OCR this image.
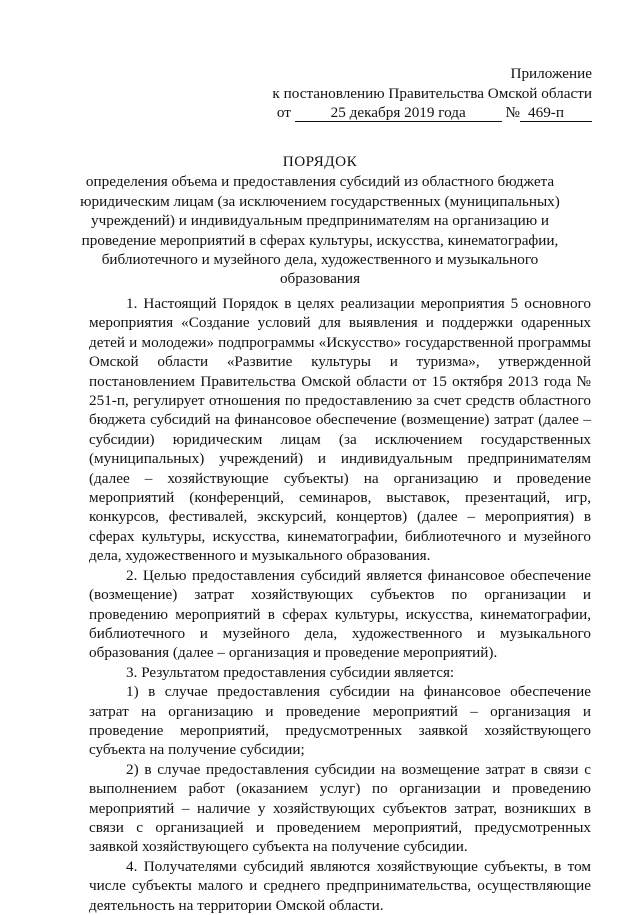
Приложение
к постановлению Правительства Омской области
от	25 декабря 2019 года	№ 469-п
ПОРЯДОК
определения объема и предоставления субсидий из областного бюджета юридическим лицам (за исключением государственных (муниципальных) учреждений) и индивидуальным предпринимателям на организацию и проведение мероприятий в сферах культуры, искусства, кинематографии, библиотечного и музейного дела, художественного и музыкального образования

1. Настоящий Порядок в целях реализации мероприятия 5 основного мероприятия «Создание условий для выявления и поддержки одаренных детей и молодежи» подпрограммы «Искусство» государственной программы Омской области «Развитие культуры и туризма», утвержденной постановлением Правительства Омской области от 15 октября 2013 года № 251-п, регулирует отношения по предоставлению за счет средств областного бюджета субсидий на финансовое обеспечение (возмещение) затрат (далее – субсидии) юридическим лицам (за исключением государственных (муниципальных) учреждений) и индивидуальным предпринимателям (далее – хозяйствующие субъекты) на организацию и проведение мероприятий (конференций, семинаров, выставок, презентаций, игр, конкурсов, фестивалей, экскурсий, концертов) (далее – мероприятия) в сферах культуры, искусства, кинематографии, библиотечного и музейного дела, художественного и музыкального образования.

2. Целью предоставления субсидий является финансовое обеспечение (возмещение) затрат хозяйствующих субъектов по организации и проведению мероприятий в сферах культуры, искусства, кинематографии, библиотечного и музейного дела, художественного и музыкального образования (далее – организация и проведение мероприятий).

3. Результатом предоставления субсидии является:

1) в случае предоставления субсидии на финансовое обеспечение затрат на организацию и проведение мероприятий – организация и проведение мероприятий, предусмотренных заявкой хозяйствующего субъекта на получение субсидии;

2) в случае предоставления субсидии на возмещение затрат в связи с выполнением работ (оказанием услуг) по организации и проведению мероприятий – наличие у хозяйствующих субъектов затрат, возникших в связи с организацией и проведением мероприятий, предусмотренных заявкой хозяйствующего субъекта на получение субсидии.

4. Получателями субсидий являются хозяйствующие субъекты, в том числе субъекты малого и среднего предпринимательства, осуществляющие деятельность на территории Омской области.
